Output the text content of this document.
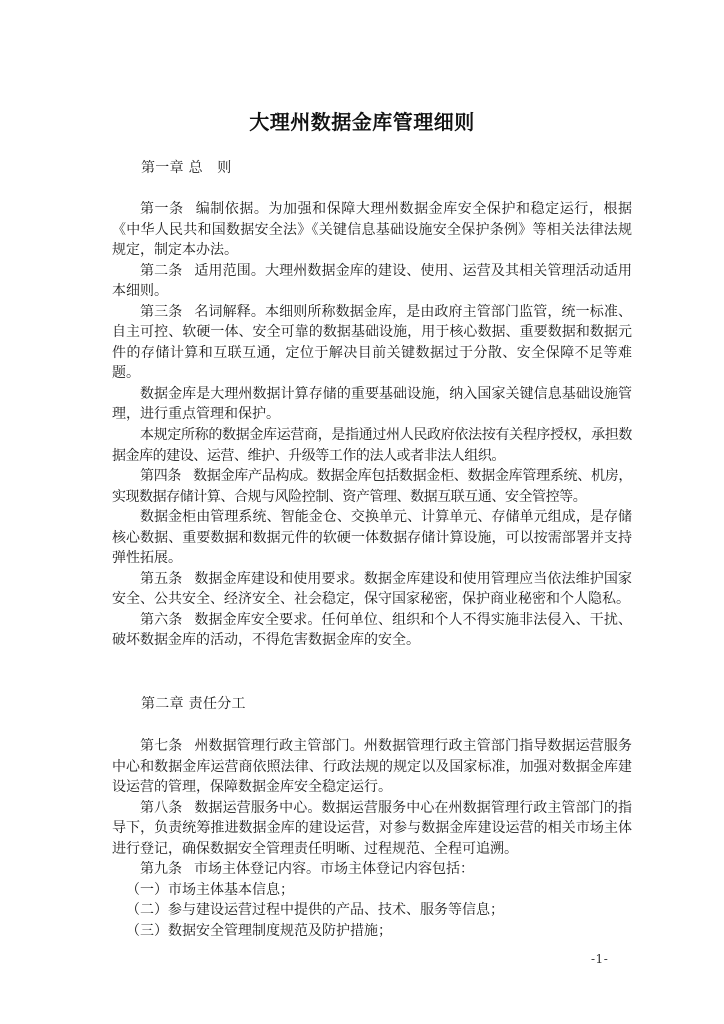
大理州数据金库管理细则
第一章 总　则

第一条 编制依据。为加强和保障大理州数据金库安全保护和稳定运行，根据《中华人民共和国数据安全法》《关键信息基础设施安全保护条例》等相关法律法规规定，制定本办法。

第二条 适用范围。大理州数据金库的建设、使用、运营及其相关管理活动适用本细则。

第三条 名词解释。本细则所称数据金库，是由政府主管部门监管，统一标准、自主可控、软硬一体、安全可靠的数据基础设施，用于核心数据、重要数据和数据元件的存储计算和互联互通，定位于解决目前关键数据过于分散、安全保障不足等难题。

数据金库是大理州数据计算存储的重要基础设施，纳入国家关键信息基础设施管理，进行重点管理和保护。

本规定所称的数据金库运营商，是指通过州人民政府依法按有关程序授权，承担数据金库的建设、运营、维护、升级等工作的法人或者非法人组织。

第四条 数据金库产品构成。数据金库包括数据金柜、数据金库管理系统、机房，实现数据存储计算、合规与风险控制、资产管理、数据互联互通、安全管控等。

数据金柜由管理系统、智能金仓、交换单元、计算单元、存储单元组成，是存储核心数据、重要数据和数据元件的软硬一体数据存储计算设施，可以按需部署并支持弹性拓展。

第五条 数据金库建设和使用要求。数据金库建设和使用管理应当依法维护国家安全、公共安全、经济安全、社会稳定，保守国家秘密，保护商业秘密和个人隐私。

第六条 数据金库安全要求。任何单位、组织和个人不得实施非法侵入、干扰、破坏数据金库的活动，不得危害数据金库的安全。

第二章 责任分工

第七条 州数据管理行政主管部门。州数据管理行政主管部门指导数据运营服务中心和数据金库运营商依照法律、行政法规的规定以及国家标准，加强对数据金库建设运营的管理，保障数据金库安全稳定运行。

第八条 数据运营服务中心。数据运营服务中心在州数据管理行政主管部门的指导下，负责统筹推进数据金库的建设运营，对参与数据金库建设运营的相关市场主体进行登记，确保数据安全管理责任明晰、过程规范、全程可追溯。

第九条 市场主体登记内容。市场主体登记内容包括：

（一）市场主体基本信息；

（二）参与建设运营过程中提供的产品、技术、服务等信息；

（三）数据安全管理制度规范及防护措施；

-1-
